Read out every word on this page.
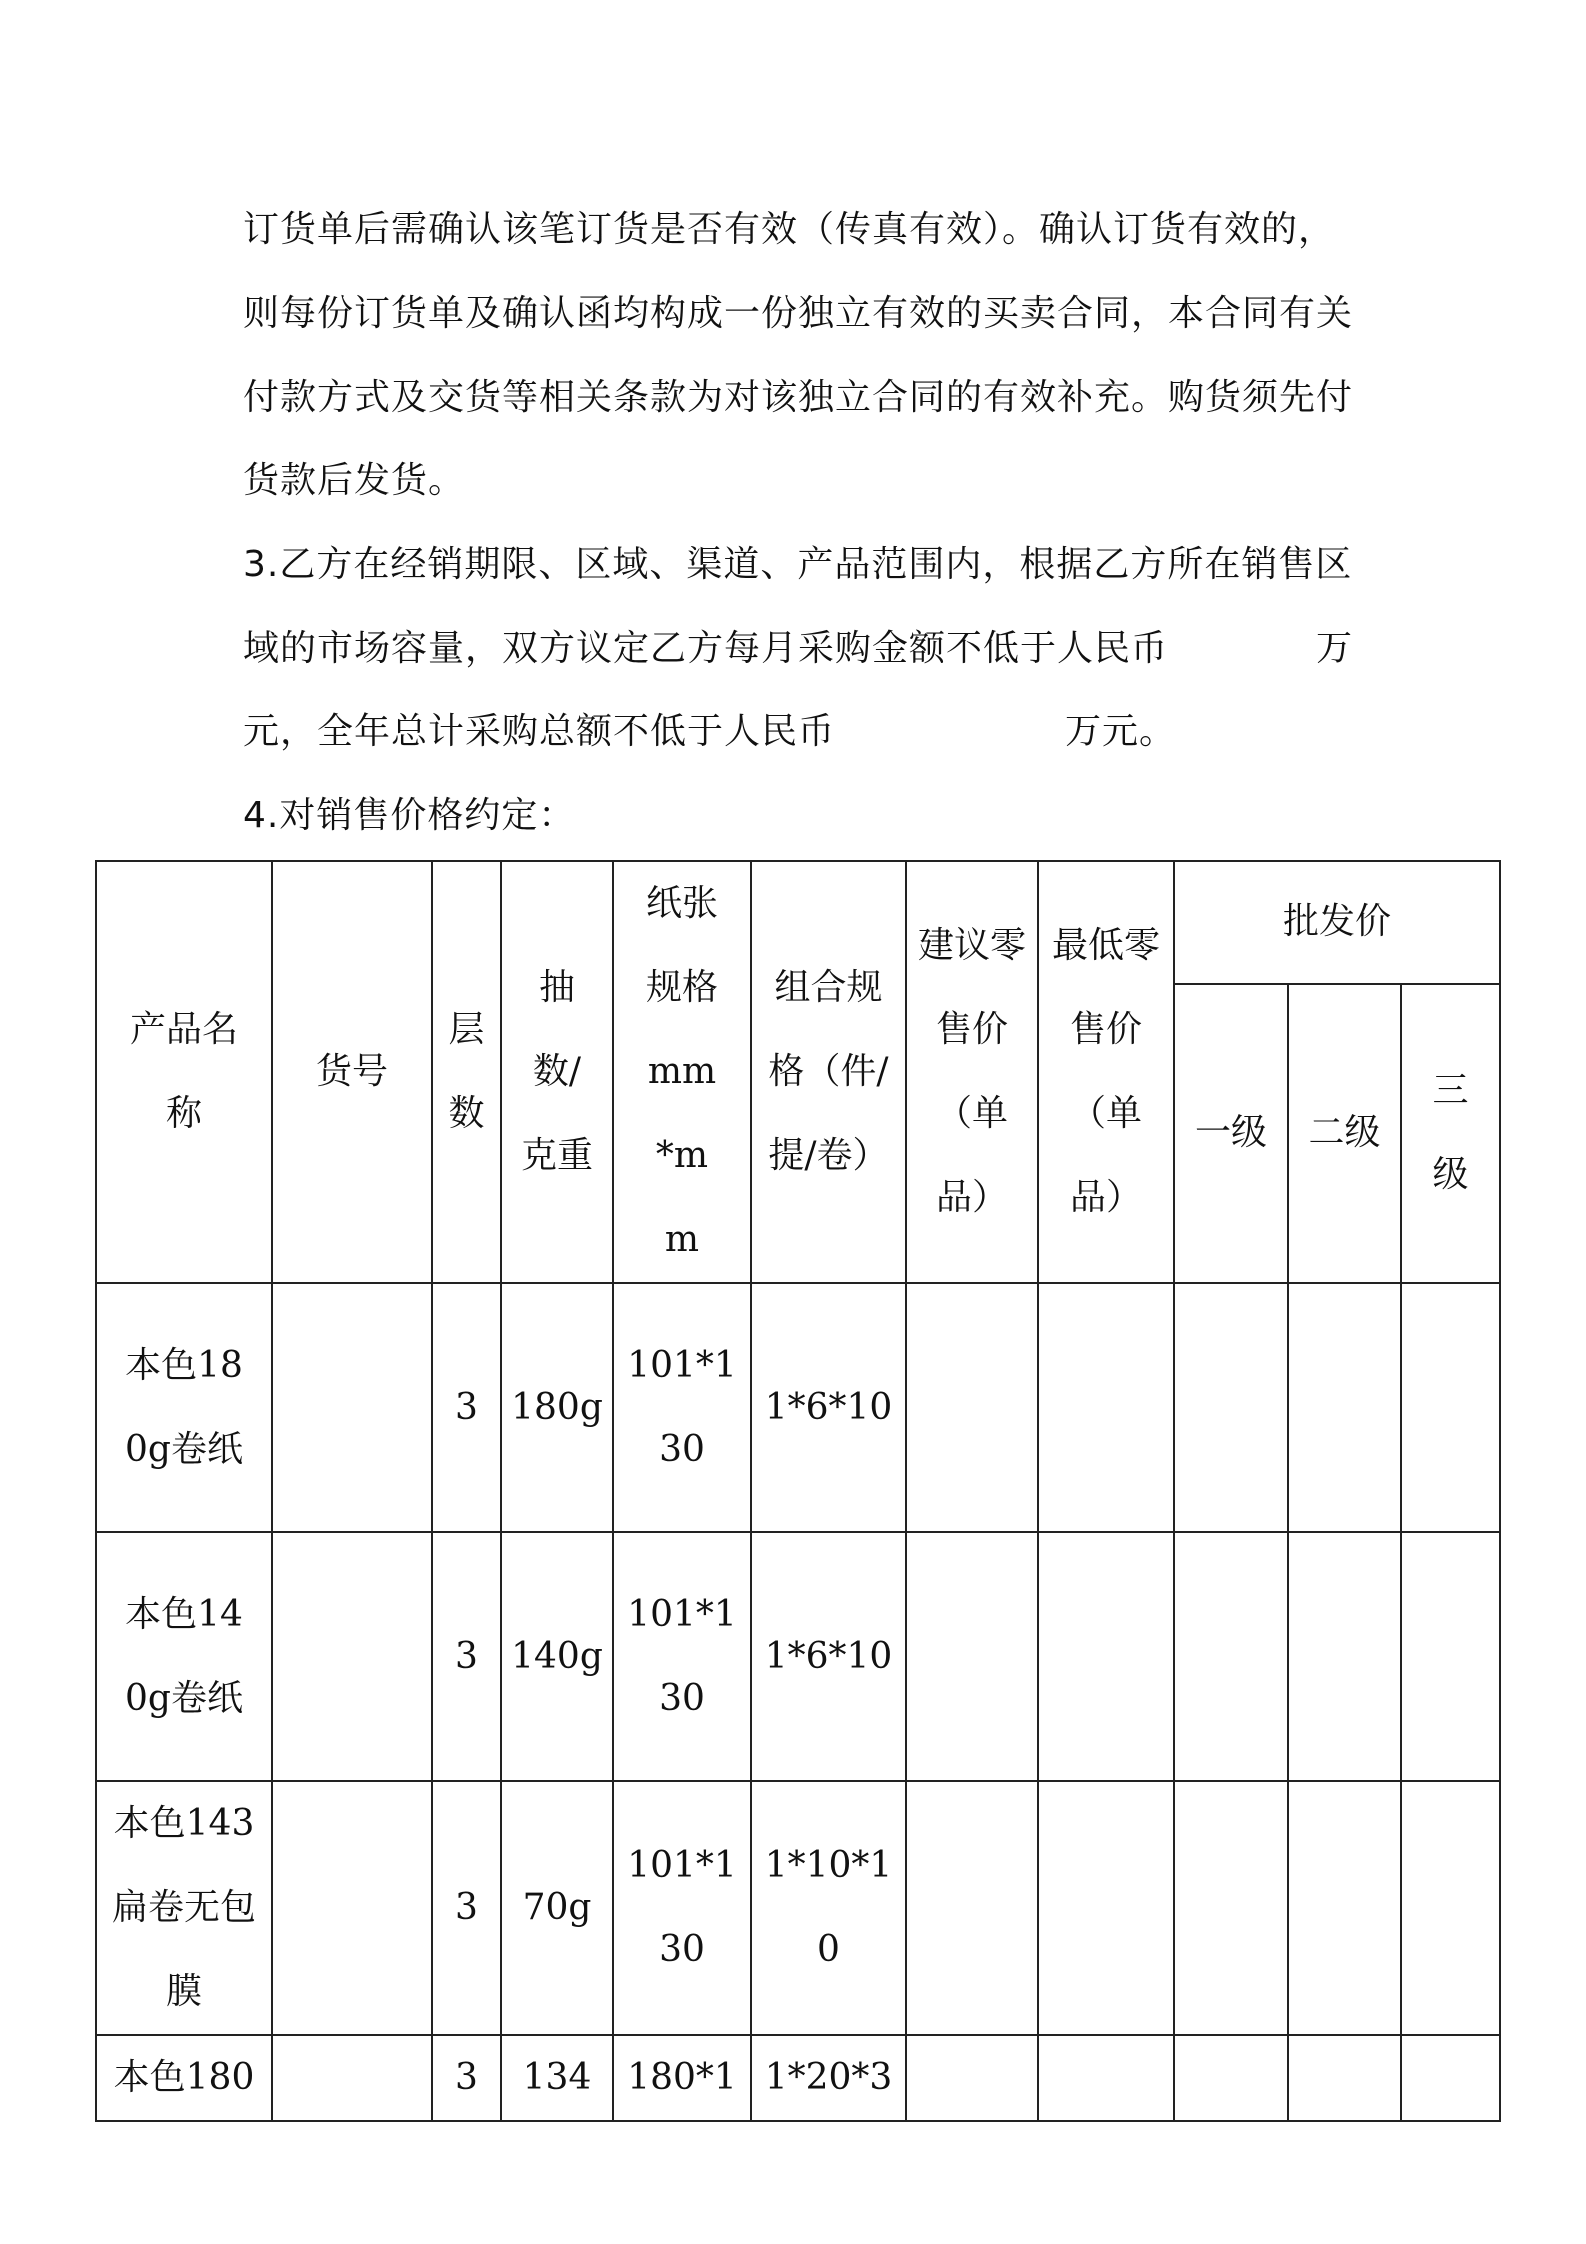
订货单后需确认该笔订货是否有效（传真有效）。确认订货有效的，
则每份订货单及确认函均构成一份独立有效的买卖合同，本合同有关
付款方式及交货等相关条款为对该独立合同的有效补充。购货须先付
货款后发货。
3.乙方在经销期限、区域、渠道、产品范围内，根据乙方所在销售区
域的市场容量，双方议定乙方每月采购金额不低于人民币	万
元，全年总计采购总额不低于人民币	万元。
4.对销售价格约定：
产品名称	货号	层数	抽数/克重	纸张规格mm*mm	组合规格（件/提/卷）	建议零售价（单品）	最低零售价（单品）	批发价		
								一级	二级	三级
本色180g卷纸		3	180g	101*130	1*6*10					
本色140g卷纸		3	140g	101*130	1*6*10					
本色143扁卷无包膜		3	70g	101*130	1*10*10					
本色180		3	134	180*1	1*20*3					
